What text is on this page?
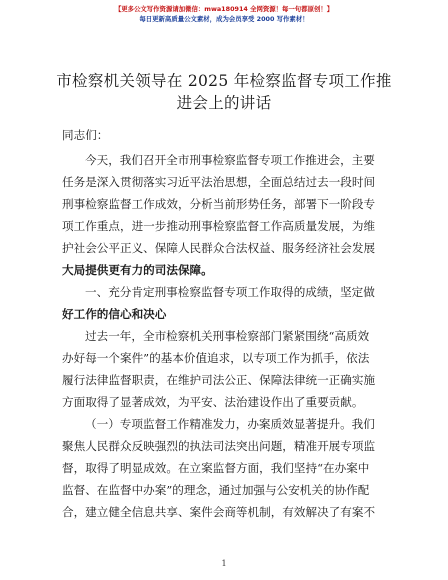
【更多公文写作资源请加微信：mwa180914 全网资源！每一句都原创！】
每日更新高质量公文素材，成为会员享受 2000 写作素材！
市检察机关领导在 2025 年检察监督专项工作推
进会上的讲话
同志们：
今天，我们召开全市刑事检察监督专项工作推进会，主要
任务是深入贯彻落实习近平法治思想，全面总结过去一段时间
刑事检察监督工作成效，分析当前形势任务，部署下一阶段专
项工作重点，进一步推动刑事检察监督工作高质量发展，为维
护社会公平正义、保障人民群众合法权益、服务经济社会发展
大局提供更有力的司法保障。
一、充分肯定刑事检察监督专项工作取得的成绩，坚定做
好工作的信心和决心
过去一年，全市检察机关刑事检察部门紧紧围绕“高质效
办好每一个案件”的基本价值追求，以专项工作为抓手，依法
履行法律监督职责，在维护司法公正、保障法律统一正确实施
方面取得了显著成效，为平安、法治建设作出了重要贡献。
（一）专项监督工作精准发力，办案质效显著提升。我们
聚焦人民群众反映强烈的执法司法突出问题，精准开展专项监
督，取得了明显成效。在立案监督方面，我们坚持“在办案中
监督、在监督中办案”的理念，通过加强与公安机关的协作配
合，建立健全信息共享、案件会商等机制，有效解决了有案不
1
